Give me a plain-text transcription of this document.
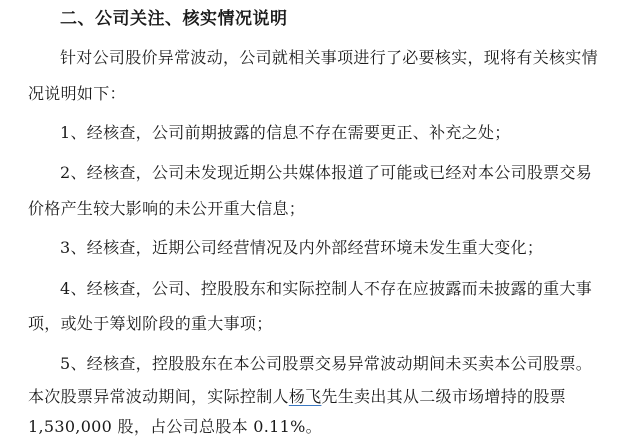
二、公司关注、核实情况说明
针对公司股价异常波动，公司就相关事项进行了必要核实，现将有关核实情
况说明如下：
1、经核查，公司前期披露的信息不存在需要更正、补充之处；
2、经核查，公司未发现近期公共媒体报道了可能或已经对本公司股票交易
价格产生较大影响的未公开重大信息；
3、经核查，近期公司经营情况及内外部经营环境未发生重大变化；
4、经核查，公司、控股股东和实际控制人不存在应披露而未披露的重大事
项，或处于筹划阶段的重大事项；
5、经核查，控股股东在本公司股票交易异常波动期间未买卖本公司股票。
本次股票异常波动期间，实际控制人杨飞先生卖出其从二级市场增持的股票
1,530,000 股，占公司总股本 0.11%。
